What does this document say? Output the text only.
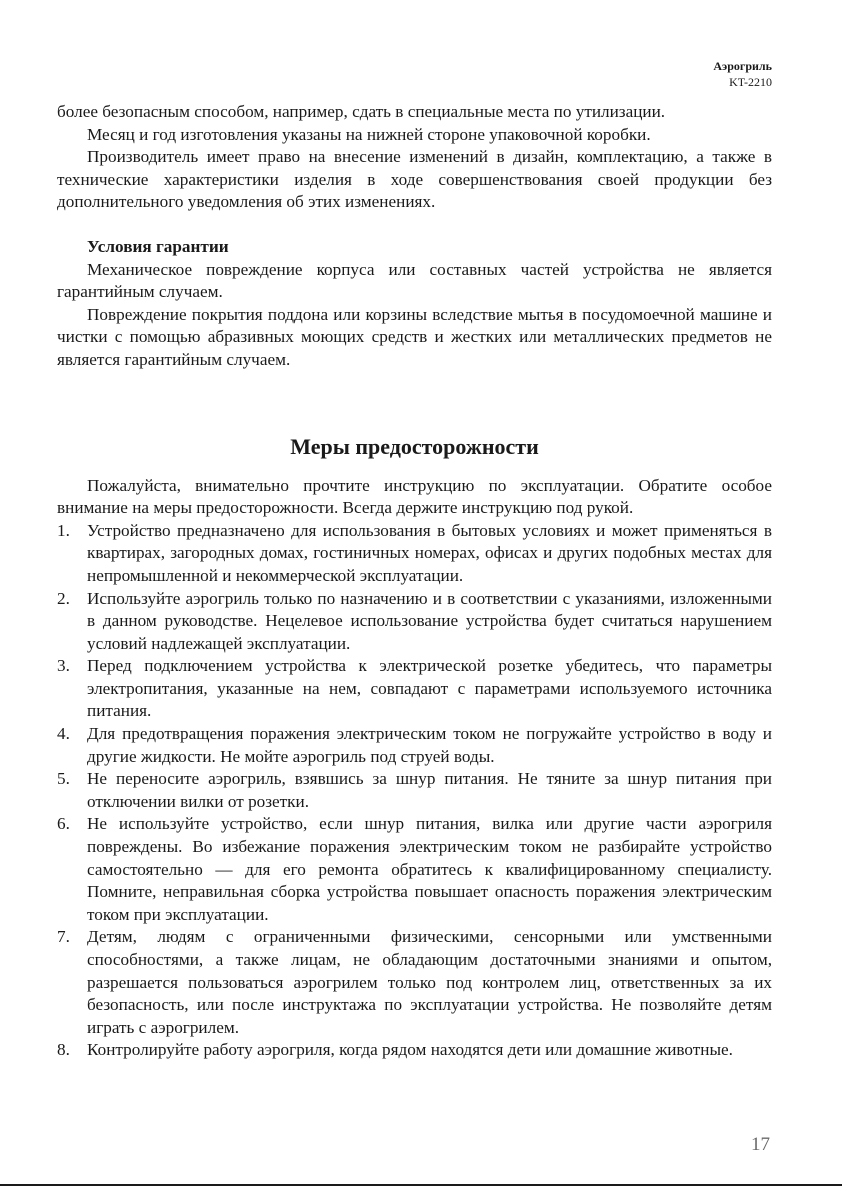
Аэрогриль
KT-2210

более безопасным способом, например, сдать в специальные места по утилизации.

Месяц и год изготовления указаны на нижней стороне упаковочной коробки.

Производитель имеет право на внесение изменений в дизайн, комплектацию, а также в технические характеристики изделия в ходе совершенствования своей продукции без дополнительного уведомления об этих изменениях.

Условия гарантии

Механическое повреждение корпуса или составных частей устройства не является гарантийным случаем.

Повреждение покрытия поддона или корзины вследствие мытья в посудомоечной машине и чистки с помощью абразивных моющих средств и жестких или металлических предметов не является гарантийным случаем.

Меры предосторожности

Пожалуйста, внимательно прочтите инструкцию по эксплуатации. Обратите особое внимание на меры предосторожности. Всегда держите инструкцию под рукой.

1. Устройство предназначено для использования в бытовых условиях и может применяться в квартирах, загородных домах, гостиничных номерах, офисах и других подобных местах для непромышленной и некоммерческой эксплуатации.
2. Используйте аэрогриль только по назначению и в соответствии с указаниями, изложенными в данном руководстве. Нецелевое использование устройства будет считаться нарушением условий надлежащей эксплуатации.
3. Перед подключением устройства к электрической розетке убедитесь, что параметры электропитания, указанные на нем, совпадают с параметрами используемого источника питания.
4. Для предотвращения поражения электрическим током не погружайте устройство в воду и другие жидкости. Не мойте аэрогриль под струей воды.
5. Не переносите аэрогриль, взявшись за шнур питания. Не тяните за шнур питания при отключении вилки от розетки.
6. Не используйте устройство, если шнур питания, вилка или другие части аэрогриля повреждены. Во избежание поражения электрическим током не разбирайте устройство самостоятельно — для его ремонта обратитесь к квалифицированному специалисту. Помните, неправильная сборка устройства повышает опасность поражения электрическим током при эксплуатации.
7. Детям, людям с ограниченными физическими, сенсорными или умственными способностями, а также лицам, не обладающим достаточными знаниями и опытом, разрешается пользоваться аэрогрилем только под контролем лиц, ответственных за их безопасность, или после инструктажа по эксплуатации устройства. Не позволяйте детям играть с аэрогрилем.
8. Контролируйте работу аэрогриля, когда рядом находятся дети или домашние животные.
17
